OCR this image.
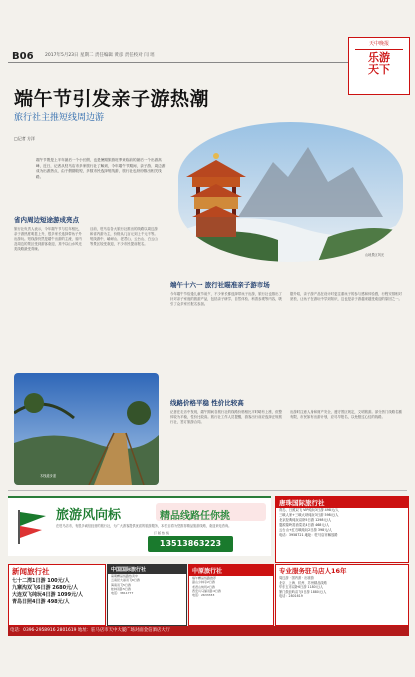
B06	2017年5月23日 星期二 责任编辑 黄彦 责任校对 闫 瑶
天中晚报
乐游
天下
端午节引发亲子游热潮
旅行社主推短线周边游
□记者 方洋
端午节既是上半年最后一个小长假，也是暑期旅游旺季来临前的最后一个出游高峰，近日，记者从驻马店市多家旅行社了解到，今年端午节期间，亲子游、周边游成为出游热点，由于假期较短，多数市民选择短线游，旅行社也纷纷推出相关线路。
山地景区风光
省内周边短途游成亮点
旅行社负责人表示，今年端午节与往年相比，亲子游热度明显上升，很多家长选择带孩子外出游玩。短线游仍然是端午出游的主流，省内及周边的景区受到游客欢迎，其中以山水风光类线路最受青睐。
目前，驻马店各大旅行社推出的线路以周边游和省内游为主，价格从几百元到上千元不等。短线游中，嵖岈山、老君山、云台山、白云山等景区较受欢迎，不少市民提前报名。
木栈道步道
端午十六一 旅行社瞄准亲子游市场
今年端午节恰逢儿童节前夕，不少家长都选择带孩子出游，旅行社也推出了针对亲子家庭的旅游产品，包括亲子研学、自然体验、科普参观等内容，吸引了众多家长报名参加。
据介绍，亲子游产品在设计时更注重孩子的参与感和体验感，行程安排相对宽松，让孩子在游玩中学到知识，这也是亲子游越来越受欢迎的原因之一。
线路价格平稳 性价比较高
记者在走访中发现，端午期间各旅行社的线路价格相比平时略有上涨，但整体较为平稳，性价比较高。旅行社工作人员提醒，游客出行前应选择正规旅行社，签订旅游合同。
出游时注意人身和财产安全，遵守景区规定，文明旅游。部分热门线路名额有限，市民如有出游计划，应尽早报名，以免错过心仪的线路。
旅游风向标	精品线路任你挑
在驻马店市，有很多诚信经营的旅行社，为广大游客提供优质的旅游服务，本栏目将为您推荐精品旅游线路，欢迎来电咨询。
订 版 热 线
13513863223
唐珠国际旅行社
青岛、日照双飞 VIP纯玩3日游 498元/人
三峡人家+三峡大坝纯玩3日游 598元/人
北京经典纯玩双卧5日游 1298元/人
婺源篁岭赏油菜花4日游 468元/人
云台山+红石峡纯玩2日游 398元/人
电话：3958721 地址：驻马店市解放路
新闻旅行社
七十二湾1日游 100元/人
九寨沟双飞6日游 2680元/人
大连双飞纯玩4日游 1099元/人
青岛日照4日游 498元/人
中国国际旅行社
暑期精品线路热卖中
云南昆大丽双飞6日游
海南双飞5日游
桂林双卧5日游
电话：3811777
中原旅行社
端午精品线路推荐
嵩山少林寺2日游
老君山纯玩2日游
西安兵马俑双卧4日游
电话：2633333
专业服务驻马店人16年
周边游 · 国内游 · 出境游
北京、上海、杭州、苏州精品线路
华东五市双卧6日游 1180元/人
厦门鼓浪屿双飞5日游 1880元/人
电话：2801619
电话：0396-2958916 2801619 地址：驻马店市天中大厦广场对面金信酒店大厅
